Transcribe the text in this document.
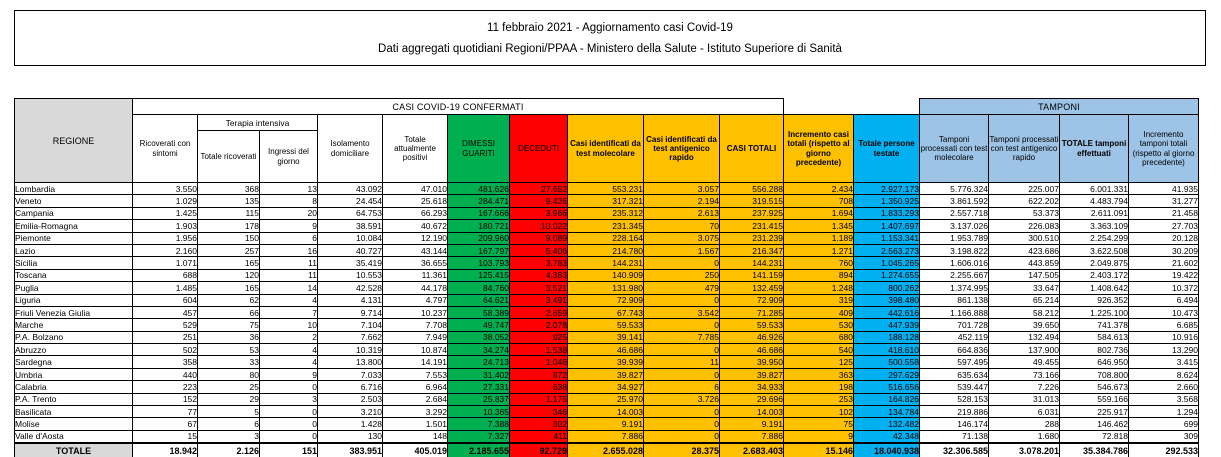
11 febbraio 2021 - Aggiornamento casi Covid-19
Dati aggregati quotidiani Regioni/PPAA - Ministero della Salute - Istituto Superiore di Sanità
REGIONE	CASI COVID-19 CONFERMATI												TAMPONI			
	Ricoverati con sintomi	Terapia intensiva		Isolamento domiciliare	Totale attualmente positivi	DIMESSI GUARITI	DECEDUTI	Casi identificati da test molecolare	Casi identificati da test antigenico rapido	CASI TOTALI	Incremento casi totali (rispetto al giorno precedente)	Totale persone testate	Tamponi processati con test molecolare	Tamponi processati con test antigenico rapido	TOTALE tamponi effettuati	Incremento tamponi totali (rispetto al giorno precedente)
		Totale ricoverati	Ingressi del giorno													
Lombardia	3.550	368	13	43.092	47.010	481.626	27.652	553.231	3.057	556.288	2.434	2.927.173	5.776.324	225.007	6.001.331	41.935
Veneto	1.029	135	8	24.454	25.618	284.471	9.426	317.321	2.194	319.515	708	1.350.925	3.861.592	622.202	4.483.794	31.277
Campania	1.425	115	20	64.753	66.293	167.666	3.966	235.312	2.613	237.925	1.694	1.833.293	2.557.718	53.373	2.611.091	21.458
Emilia-Romagna	1.903	178	9	38.591	40.672	180.721	10.022	231.345	70	231.415	1.345	1.407.697	3.137.026	226.083	3.363.109	27.703
Piemonte	1.956	150	6	10.084	12.190	209.960	9.089	228.164	3.075	231.239	1.189	1.153.341	1.953.789	300.510	2.254.299	20.128
Lazio	2.160	257	16	40.727	43.144	167.797	5.406	214.780	1.567	216.347	1.271	2.563.273	3.198.822	423.686	3.622.508	30.209
Sicilia	1.071	165	11	35.419	36.655	103.793	3.783	144.231	0	144.231	760	1.045.265	1.606.016	443.859	2.049.875	21.602
Toscana	688	120	11	10.553	11.361	125.415	4.383	140.909	250	141.159	894	1.274.655	2.255.667	147.505	2.403.172	19.422
Puglia	1.485	165	14	42.528	44.178	84.760	3.521	131.980	479	132.459	1.248	800.262	1.374.995	33.647	1.408.642	10.372
Liguria	604	62	4	4.131	4.797	64.621	3.491	72.909	0	72.909	319	398.480	861.138	65.214	926.352	6.494
Friuli Venezia Giulia	457	66	7	9.714	10.237	58.389	2.659	67.743	3.542	71.285	409	442.616	1.166.888	58.212	1.225.100	10.473
Marche	529	75	10	7.104	7.708	49.747	2.078	59.533	0	59.533	530	447.939	701.728	39.650	741.378	6.685
P.A. Bolzano	251	36	2	7.662	7.949	38.052	925	39.141	7.785	46.926	680	188.128	452.119	132.494	584.613	10.916
Abruzzo	502	53	4	10.319	10.874	34.274	1.538	46.686	0	46.686	540	418.610	664.836	137.900	802.736	13.290
Sardegna	358	33	4	13.800	14.191	24.713	1.046	39.939	11	39.950	125	500.558	597.495	49.455	646.950	3.415
Umbria	440	80	9	7.033	7.553	31.402	872	39.827	0	39.827	363	297.629	635.634	73.166	708.800	8.624
Calabria	223	25	0	6.716	6.964	27.331	638	34.927	6	34.933	198	516.656	539.447	7.226	546.673	2.660
P.A. Trento	152	29	3	2.503	2.684	25.837	1.175	25.970	3.726	29.696	253	164.826	528.153	31.013	559.166	3.568
Basilicata	77	5	0	3.210	3.292	10.365	346	14.003	0	14.003	102	134.784	219.886	6.031	225.917	1.294
Molise	67	6	0	1.428	1.501	7.388	302	9.191	0	9.191	75	132.482	146.174	288	146.462	699
Valle d'Aosta	15	3	0	130	148	7.327	411	7.886	0	7.886	9	42.348	71.138	1.680	72.818	309
TOTALE	18.942	2.126	151	383.951	405.019	2.185.655	92.729	2.655.028	28.375	2.683.403	15.146	18.040.938	32.306.585	3.078.201	35.384.786	292.533
